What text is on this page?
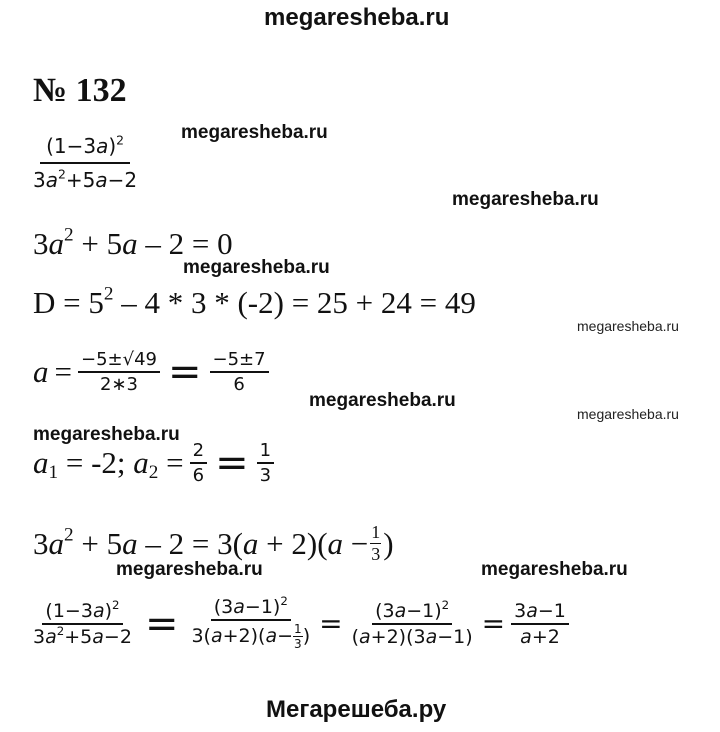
megaresheba.ru
№ 132
$\frac{(1-3a)^2}{3a^2+5a-2}$
megaresheba.ru
megaresheba.ru
megaresheba.ru
megaresheba.ru
megaresheba.ru
megaresheba.ru
megaresheba.ru
megaresheba.ru	megaresheba.ru
$3a^2 + 5a - 2 = 0$
$D = 5^2 - 4 * 3 * (-2) = 25 + 24 = 49$
$a = \frac{-5\pm√49}{2∗3} = \frac{-5\pm 7}{6}$
$a_1 = -2$; $a_2 = \frac{2}{6} = \frac{1}{3}$
$3a^2 + 5a - 2 = 3(a + 2)(a - \frac{1}{3}$ )
$\frac{(1-3a)^2}{3a^2+5a-2} = \frac{(3a-1)^2}{3(a+2)(a- \frac{1}{3} )} = \frac{(3a-1)^2}{(a+2)(3a-1)} = \frac{3a-1}{a+2}$
Мегарешеба.ру
